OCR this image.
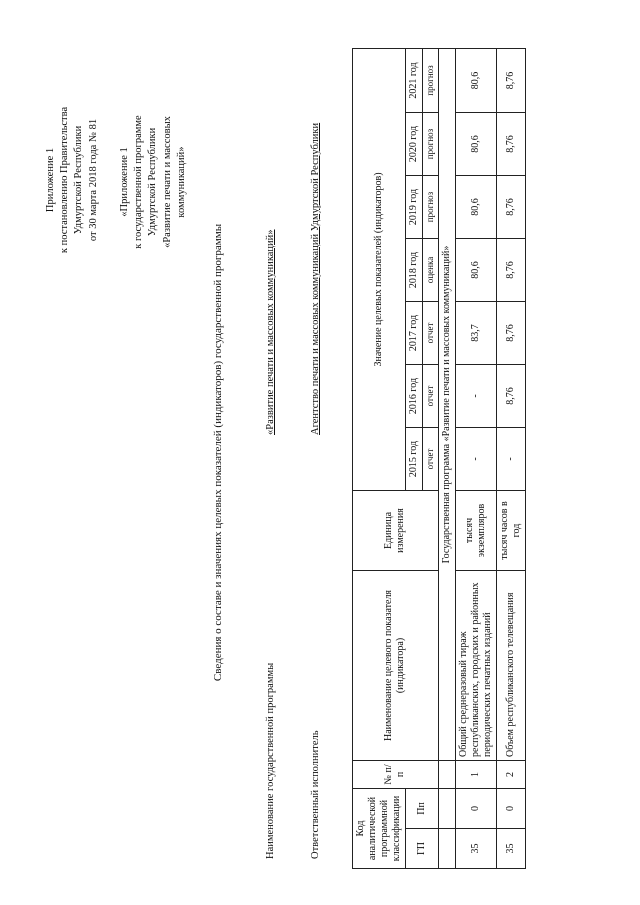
Приложение 1 к постановлению Правительства Удмуртской Республики от 30 марта 2018 года № 81 «Приложение 1 к государственной программе Удмуртской Республики «Развитие печати и массовых коммуникаций»
Сведения о составе и значениях целевых показателей (индикаторов) государственной программы
Наименование государственной программы
«Развитие печати и массовых коммуникаций»
Ответственный исполнитель
Агентство печати и массовых коммуникаций Удмуртской Республики
Код аналитической программной классификации		№ п/п	Наименование целевого показателя (индикатора)	Единица измерения	Значение целевых показателей (индикаторов)						
ГП	Пп				2015 год	2016 год	2017 год	2018 год	2019 год	2020 год	2021 год
					отчет	отчет	отчет	оценка	прогноз	прогноз	прогноз
			Государственная программа «Развитие печати и массовых коммуникаций»								
35	0	1	Общий среднеразовый тираж республиканских, городских и районных периодических печатных изданий	тысяч экземпляров	-	-	83,7	80,6	80,6	80,6	80,6
35	0	2	Объем республиканского телевещания	тысяч часов в год	-	8,76	8,76	8,76	8,76	8,76	8,76
